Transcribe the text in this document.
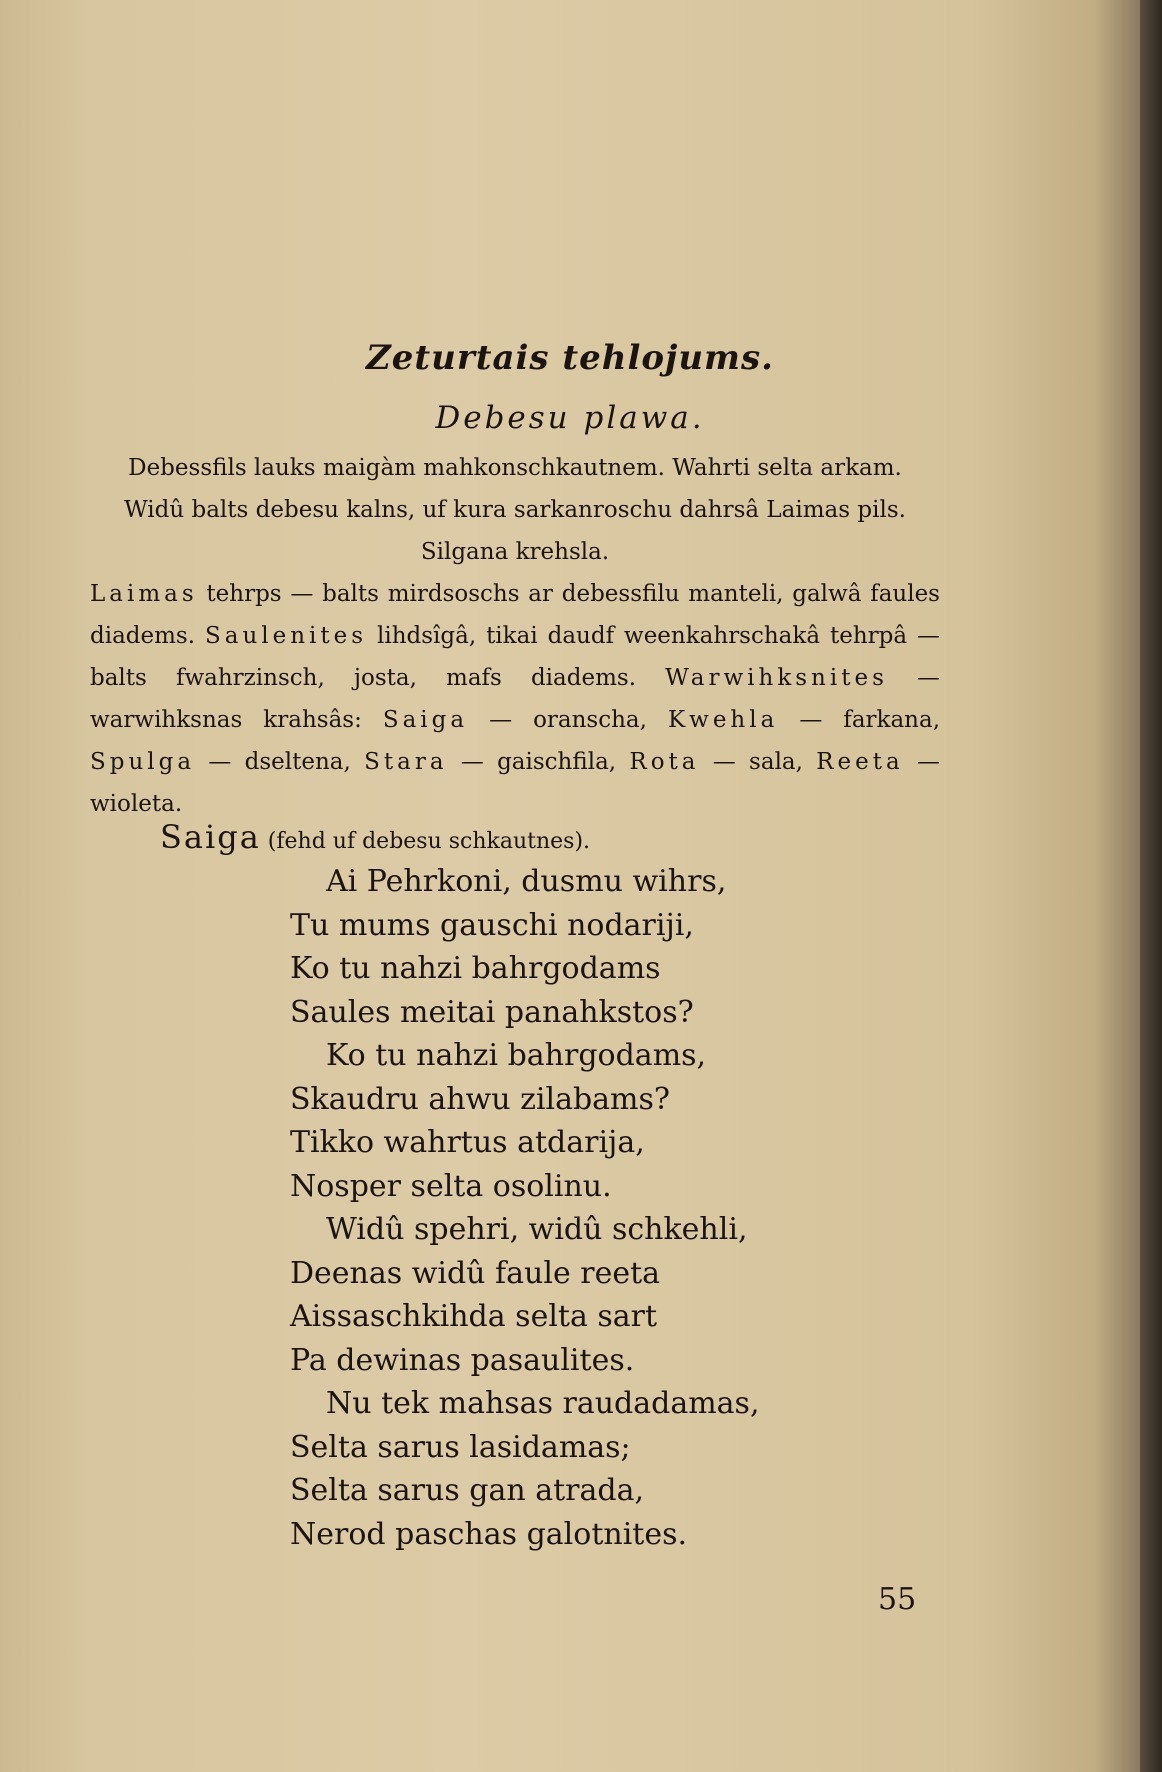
Zeturtais tehlojums.
Debesu plawa.

Debessfils lauks maigàm mahkonschkautnem. Wahrti selta arkam.

Widû balts debesu kalns, uf kura sarkanroschu dahrsâ Laimas pils. Silgana krehsla.

Laimas tehrps — balts mirdsoschs ar debessfilu manteli, galwâ faules diadems. Saulenites lihdsîgâ, tikai daudf weenkahrschakâ tehrpâ — balts fwahrzinsch, josta, mafs diadems. Warwihksnites — warwihksnas krahsâs: Saiga — oranscha, Kwehla — farkana, Spulga — dseltena, Stara — gaischfila, Rota — sala, Reeta — wioleta.

Saiga (fehd uf debesu schkautnes).
Ai Pehrkoni, dusmu wihrs,
Tu mums gauschi nodariji,
Ko tu nahzi bahrgodams
Saules meitai panahkstos?
Ko tu nahzi bahrgodams,
Skaudru ahwu zilabams?
Tikko wahrtus atdarija,
Nosper selta osolinu.
Widû spehri, widû schkehli,
Deenas widû faule reeta
Aissaschkihda selta sart
Pa dewinas pasaulites.
Nu tek mahsas raudadamas,
Selta sarus lasidamas;
Selta sarus gan atrada,
Nerod paschas galotnites.
55
